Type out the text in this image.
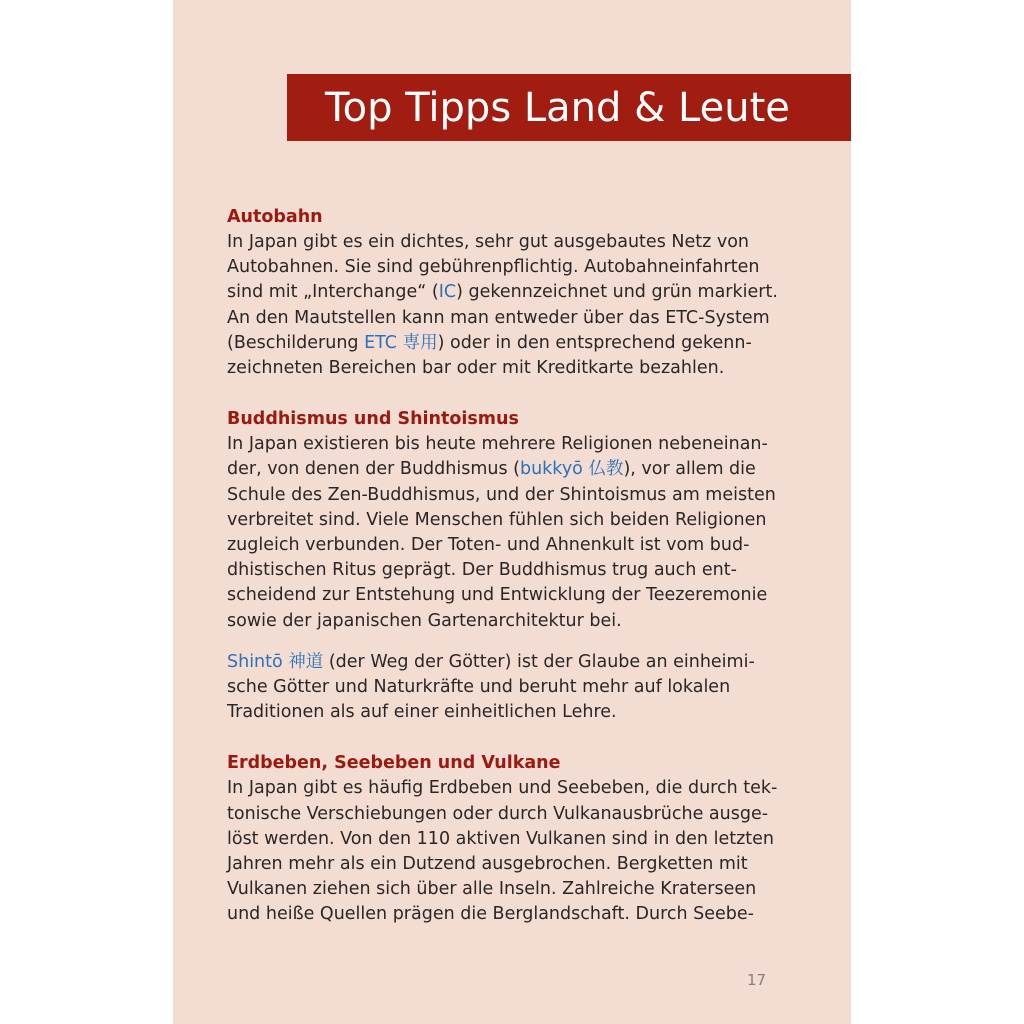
Top Tipps Land & Leute
Autobahn

In Japan gibt es ein dichtes, sehr gut ausgebautes Netz von
Autobahnen. Sie sind gebührenpflichtig. Autobahneinfahrten
sind mit „Interchange“ (IC) gekennzeichnet und grün markiert.
An den Mautstellen kann man entweder über das ETC-System
(Beschilderung ETC 専用) oder in den entsprechend gekenn-
zeichneten Bereichen bar oder mit Kreditkarte bezahlen.

Buddhismus und Shintoismus

In Japan existieren bis heute mehrere Religionen nebeneinan-
der, von denen der Buddhismus (bukkyō 仏教), vor allem die
Schule des Zen-Buddhismus, und der Shintoismus am meisten
verbreitet sind. Viele Menschen fühlen sich beiden Religionen
zugleich verbunden. Der Toten- und Ahnenkult ist vom bud-
dhistischen Ritus geprägt. Der Buddhismus trug auch ent-
scheidend zur Entstehung und Entwicklung der Teezeremonie
sowie der japanischen Gartenarchitektur bei.

Shintō 神道 (der Weg der Götter) ist der Glaube an einheimi-
sche Götter und Naturkräfte und beruht mehr auf lokalen
Traditionen als auf einer einheitlichen Lehre.

Erdbeben, Seebeben und Vulkane

In Japan gibt es häufig Erdbeben und Seebeben, die durch tek-
tonische Verschiebungen oder durch Vulkanausbrüche ausge-
löst werden. Von den 110 aktiven Vulkanen sind in den letzten
Jahren mehr als ein Dutzend ausgebrochen. Bergketten mit
Vulkanen ziehen sich über alle Inseln. Zahlreiche Kraterseen
und heiße Quellen prägen die Berglandschaft. Durch Seebe-

17
